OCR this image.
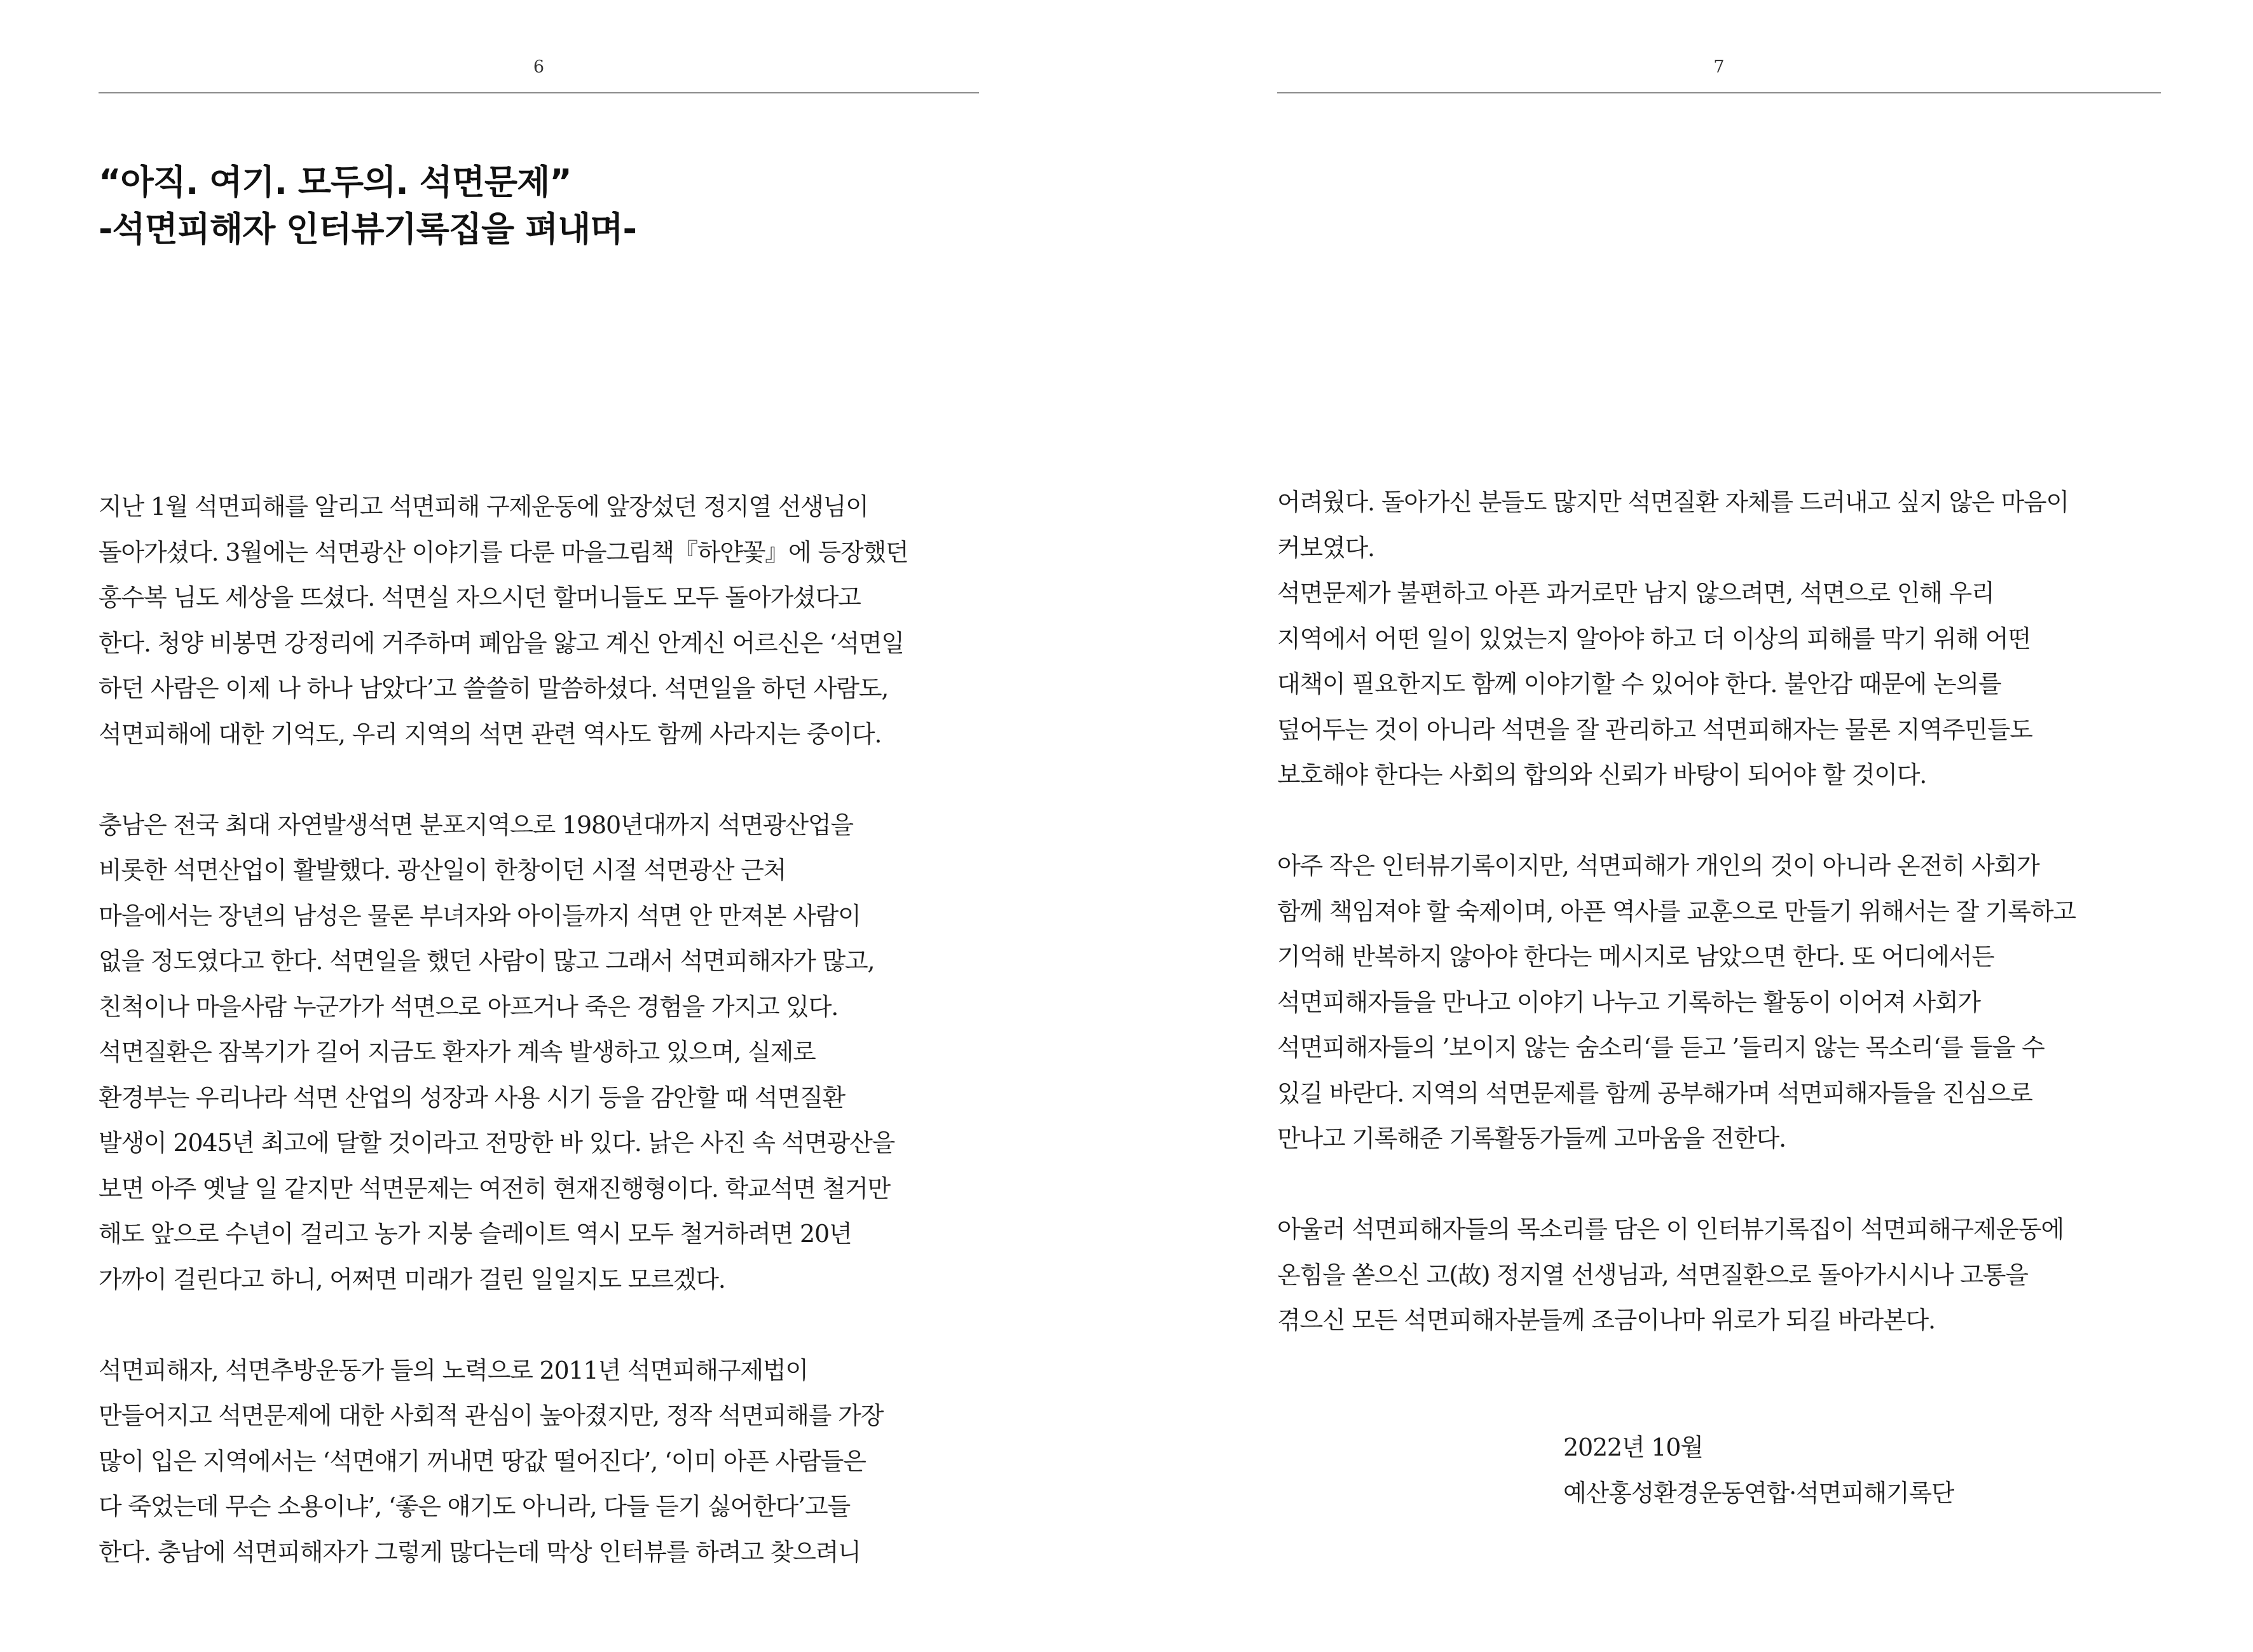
6
“아직. 여기. 모두의. 석면문제”
-석면피해자 인터뷰기록집을 펴내며-
지난 1월 석면피해를 알리고 석면피해 구제운동에 앞장섰던 정지열 선생님이
돌아가셨다. 3월에는 석면광산 이야기를 다룬 마을그림책『하얀꽃』에 등장했던
홍수복 님도 세상을 뜨셨다. 석면실 자으시던 할머니들도 모두 돌아가셨다고
한다. 청양 비봉면 강정리에 거주하며 폐암을 앓고 계신 안계신 어르신은 ‘석면일
하던 사람은 이제 나 하나 남았다’고 쓸쓸히 말씀하셨다. 석면일을 하던 사람도,
석면피해에 대한 기억도, 우리 지역의 석면 관련 역사도 함께 사라지는 중이다.
충남은 전국 최대 자연발생석면 분포지역으로 1980년대까지 석면광산업을
비롯한 석면산업이 활발했다. 광산일이 한창이던 시절 석면광산 근처
마을에서는 장년의 남성은 물론 부녀자와 아이들까지 석면 안 만져본 사람이
없을 정도였다고 한다. 석면일을 했던 사람이 많고 그래서 석면피해자가 많고,
친척이나 마을사람 누군가가 석면으로 아프거나 죽은 경험을 가지고 있다.
석면질환은 잠복기가 길어 지금도 환자가 계속 발생하고 있으며, 실제로
환경부는 우리나라 석면 산업의 성장과 사용 시기 등을 감안할 때 석면질환
발생이 2045년 최고에 달할 것이라고 전망한 바 있다. 낡은 사진 속 석면광산을
보면 아주 옛날 일 같지만 석면문제는 여전히 현재진행형이다. 학교석면 철거만
해도 앞으로 수년이 걸리고 농가 지붕 슬레이트 역시 모두 철거하려면 20년
가까이 걸린다고 하니, 어쩌면 미래가 걸린 일일지도 모르겠다.
석면피해자, 석면추방운동가 들의 노력으로 2011년 석면피해구제법이
만들어지고 석면문제에 대한 사회적 관심이 높아졌지만, 정작 석면피해를 가장
많이 입은 지역에서는 ‘석면얘기 꺼내면 땅값 떨어진다’, ‘이미 아픈 사람들은
다 죽었는데 무슨 소용이냐’, ‘좋은 얘기도 아니라, 다들 듣기 싫어한다’고들
한다. 충남에 석면피해자가 그렇게 많다는데 막상 인터뷰를 하려고 찾으려니
7
어려웠다. 돌아가신 분들도 많지만 석면질환 자체를 드러내고 싶지 않은 마음이
커보였다.
석면문제가 불편하고 아픈 과거로만 남지 않으려면, 석면으로 인해 우리
지역에서 어떤 일이 있었는지 알아야 하고 더 이상의 피해를 막기 위해 어떤
대책이 필요한지도 함께 이야기할 수 있어야 한다. 불안감 때문에 논의를
덮어두는 것이 아니라 석면을 잘 관리하고 석면피해자는 물론 지역주민들도
보호해야 한다는 사회의 합의와 신뢰가 바탕이 되어야 할 것이다.
아주 작은 인터뷰기록이지만, 석면피해가 개인의 것이 아니라 온전히 사회가
함께 책임져야 할 숙제이며, 아픈 역사를 교훈으로 만들기 위해서는 잘 기록하고
기억해 반복하지 않아야 한다는 메시지로 남았으면 한다. 또 어디에서든
석면피해자들을 만나고 이야기 나누고 기록하는 활동이 이어져 사회가
석면피해자들의 ’보이지 않는 숨소리‘를 듣고 ’들리지 않는 목소리‘를 들을 수
있길 바란다. 지역의 석면문제를 함께 공부해가며 석면피해자들을 진심으로
만나고 기록해준 기록활동가들께 고마움을 전한다.
아울러 석면피해자들의 목소리를 담은 이 인터뷰기록집이 석면피해구제운동에
온힘을 쏟으신 고(故) 정지열 선생님과, 석면질환으로 돌아가시시나 고통을
겪으신 모든 석면피해자분들께 조금이나마 위로가 되길 바라본다.
2022년 10월
예산홍성환경운동연합·석면피해기록단
